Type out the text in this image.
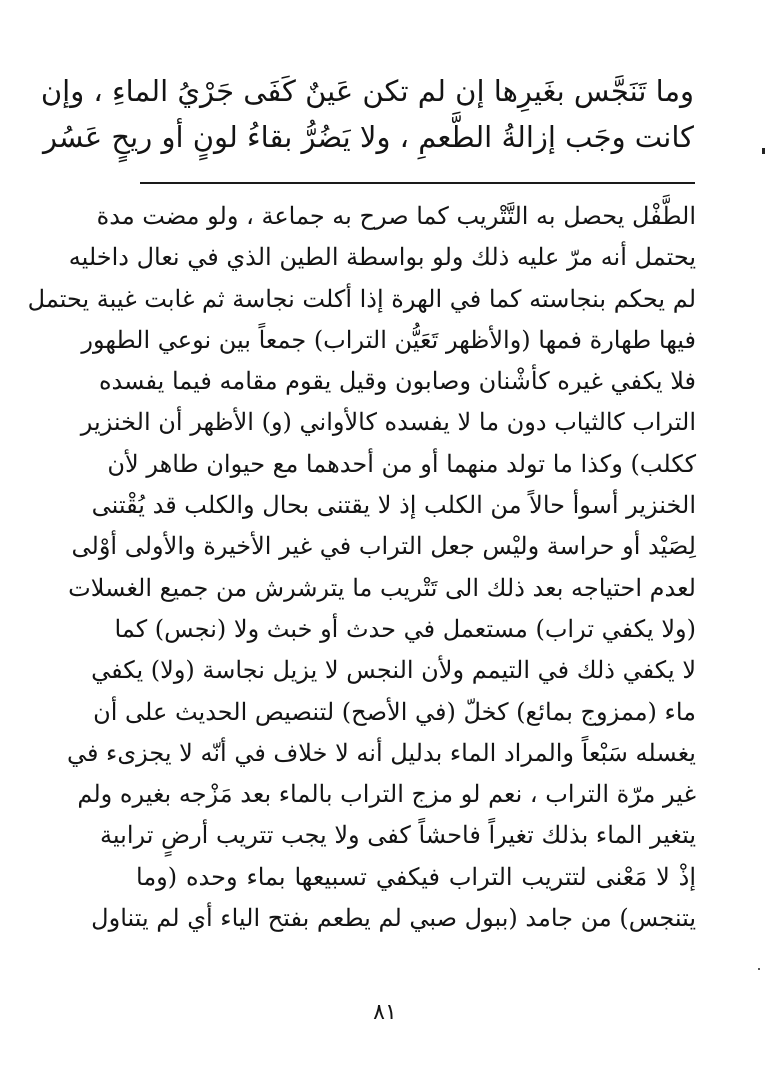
وما تَنَجَّس بغَيرِها إن لم تكن عَينٌ كَفَى جَرْيُ الماءِ ، وإن
كانت وجَب إزالةُ الطَّعمِ ، ولا يَضُرُّ بقاءُ لونٍ أو ريحٍ عَسُر
الطَّفْل يحصل به التَّتْريب كما صرح به جماعة ، ولو مضت مدة
يحتمل أنه مرّ عليه ذلك ولو بواسطة الطين الذي في نعال داخليه
لم يحكم بنجاسته كما في الهرة إذا أكلت نجاسة ثم غابت غيبة يحتمل
فيها طهارة فمها (والأظهر تَعَيُّن التراب) جمعاً بين نوعي الطهور
فلا يكفي غيره كأشْنان وصابون وقيل يقوم مقامه فيما يفسده
التراب كالثياب دون ما لا يفسده كالأواني (و) الأظهر أن الخنزير
ككلب) وكذا ما تولد منهما أو من أحدهما مع حيوان طاهر لأن
الخنزير أسوأ حالاً من الكلب إذ لا يقتنى بحال والكلب قد يُقْتنى
لِصَيْد أو حراسة وليْس جعل التراب في غير الأخيرة والأولى أوْلى
لعدم احتياجه بعد ذلك الى تَتْريب ما يترشرش من جميع الغسلات
(ولا يكفي تراب) مستعمل في حدث أو خبث ولا (نجس) كما
لا يكفي ذلك في التيمم ولأن النجس لا يزيل نجاسة (ولا) يكفي
ماء (ممزوج بمائع) كخلّ (في الأصح) لتنصيص الحديث على أن
يغسله سَبْعاً والمراد الماء بدليل أنه لا خلاف في أنّه لا يجزىء في
غير مرّة التراب ، نعم لو مزج التراب بالماء بعد مَزْجه بغيره ولم
يتغير الماء بذلك تغيراً فاحشاً كفى ولا يجب تتريب أرضٍ ترابية
إذْ لا مَعْنى لتتريب التراب فيكفي تسبيعها بماء وحده (وما
يتنجس) من جامد (ببول صبي لم يطعم بفتح الياء أي لم يتناول
٨١
